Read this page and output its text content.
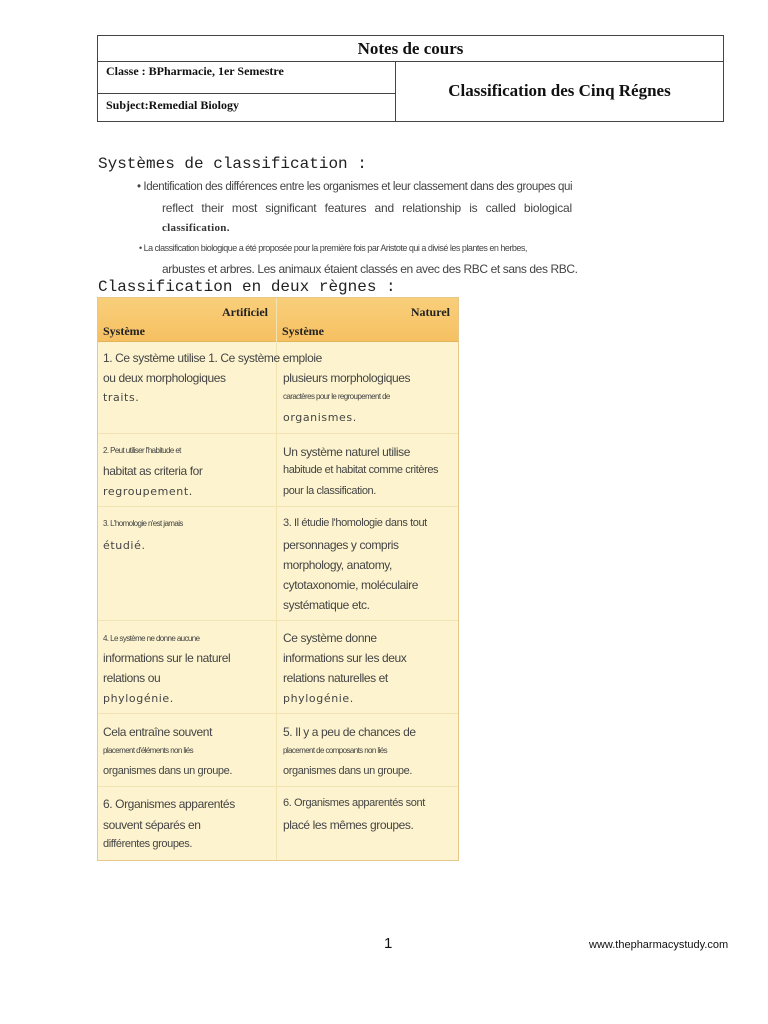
Notes de cours
Classe : BPharmacie, 1er Semestre
Subject:Remedial Biology
Classification des Cinq Régnes
Systèmes de classification :
• Identification des différences entre les organismes et leur classement dans des groupes qui
reflect their most significant features and relationship is called biological
classification.
• La classification biologique a été proposée pour la première fois par Aristote qui a divisé les plantes en herbes,
arbustes et arbres. Les animaux étaient classés en avec des RBC et sans des RBC.
Classification en deux règnes :
Artificiel
Système
Naturel
Système
1. Ce système utilise 1. Ce système emploie
ou deux morphologiques
traits.
plusieurs morphologiques
caractères pour le regroupement de
organismes.
2. Peut utiliser l'habitude et
habitat as criteria for
regroupement.
Un système naturel utilise
habitude et habitat comme critères
pour la classification.
3. L'homologie n'est jamais
étudié.
3. Il étudie l'homologie dans tout
personnages y compris
morphology, anatomy,
cytotaxonomie, moléculaire
systématique etc.
4. Le système ne donne aucune
informations sur le naturel
relations ou
phylogénie.
Ce système donne
informations sur les deux
relations naturelles et
phylogénie.
Cela entraîne souvent
placement d'éléments non liés
organismes dans un groupe.
5. Il y a peu de chances de
placement de composants non liés
organismes dans un groupe.
6. Organismes apparentés
souvent séparés en
différentes groupes.
6. Organismes apparentés sont
placé les mêmes groupes.
1	www.thepharmacystudy.com
